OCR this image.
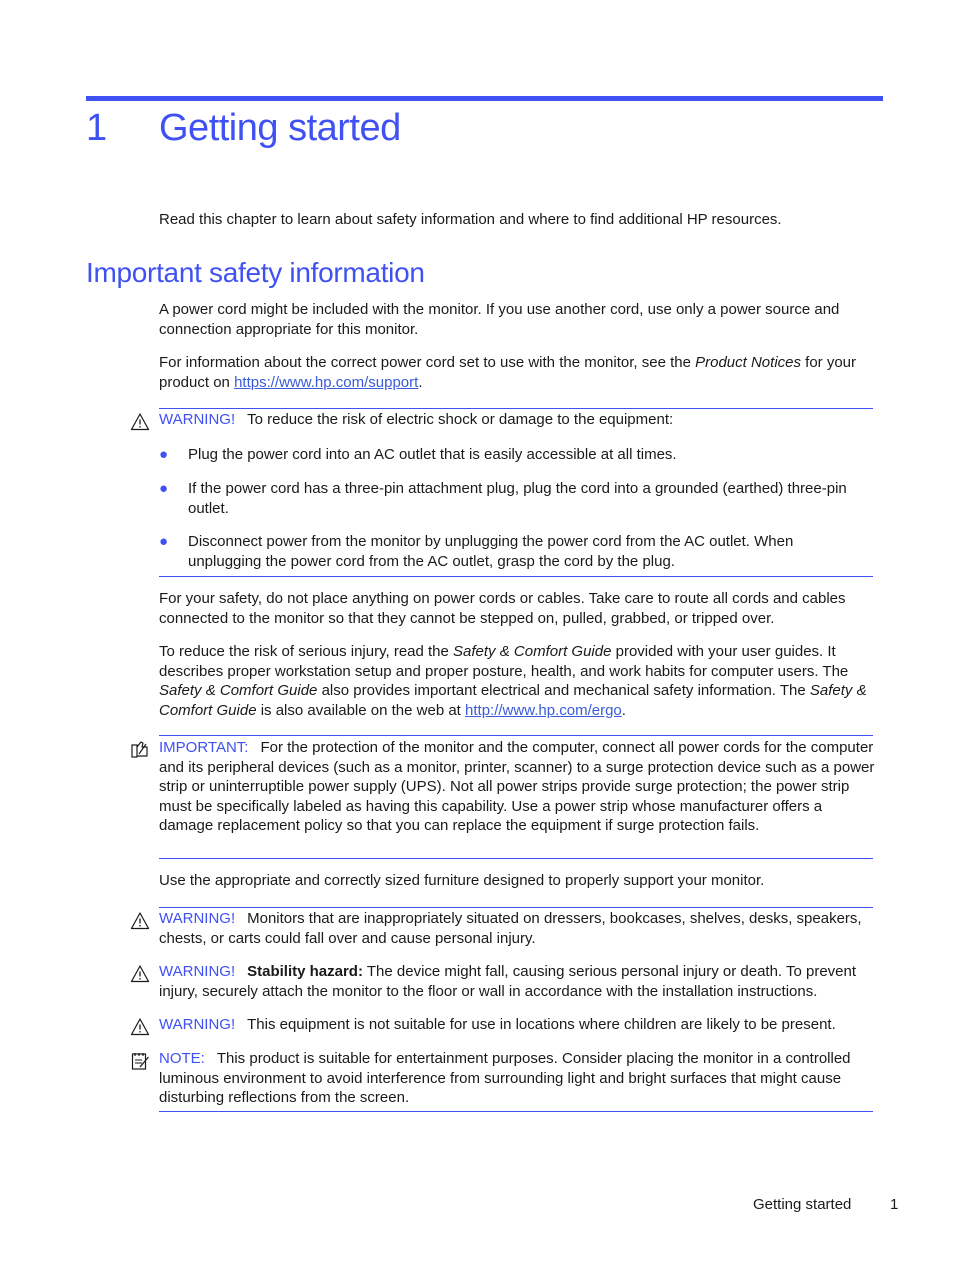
1 Getting started

Read this chapter to learn about safety information and where to find additional HP resources.

Important safety information

A power cord might be included with the monitor. If you use another cord, use only a power source and connection appropriate for this monitor.

For information about the correct power cord set to use with the monitor, see the Product Notices for your product on https://www.hp.com/support.

WARNING! To reduce the risk of electric shock or damage to the equipment:

● Plug the power cord into an AC outlet that is easily accessible at all times.

● If the power cord has a three-pin attachment plug, plug the cord into a grounded (earthed) three-pin outlet.

● Disconnect power from the monitor by unplugging the power cord from the AC outlet. When unplugging the power cord from the AC outlet, grasp the cord by the plug.

For your safety, do not place anything on power cords or cables. Take care to route all cords and cables connected to the monitor so that they cannot be stepped on, pulled, grabbed, or tripped over.

To reduce the risk of serious injury, read the Safety & Comfort Guide provided with your user guides. It describes proper workstation setup and proper posture, health, and work habits for computer users. The Safety & Comfort Guide also provides important electrical and mechanical safety information. The Safety & Comfort Guide is also available on the web at http://www.hp.com/ergo.

IMPORTANT: For the protection of the monitor and the computer, connect all power cords for the computer and its peripheral devices (such as a monitor, printer, scanner) to a surge protection device such as a power strip or uninterruptible power supply (UPS). Not all power strips provide surge protection; the power strip must be specifically labeled as having this capability. Use a power strip whose manufacturer offers a damage replacement policy so that you can replace the equipment if surge protection fails.

Use the appropriate and correctly sized furniture designed to properly support your monitor.

WARNING! Monitors that are inappropriately situated on dressers, bookcases, shelves, desks, speakers, chests, or carts could fall over and cause personal injury.

WARNING! Stability hazard: The device might fall, causing serious personal injury or death. To prevent injury, securely attach the monitor to the floor or wall in accordance with the installation instructions.

WARNING! This equipment is not suitable for use in locations where children are likely to be present.

NOTE: This product is suitable for entertainment purposes. Consider placing the monitor in a controlled luminous environment to avoid interference from surrounding light and bright surfaces that might cause disturbing reflections from the screen.

Getting started	1
